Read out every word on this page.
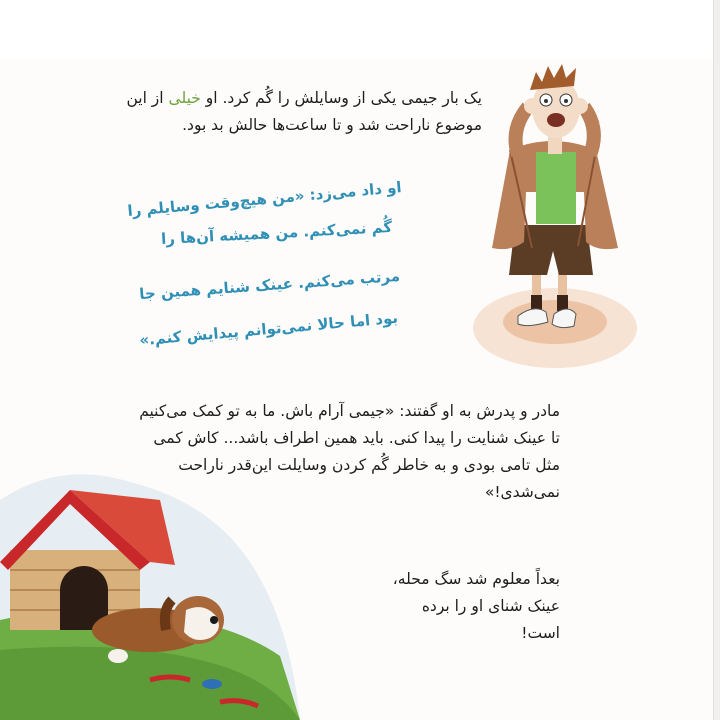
یک بار جیمی یکی از وسایلش را گُم کرد. او خیلی از این موضوع ناراحت شد و تا ساعت‌ها حالش بد بود.
او داد می‌زد: «من هیچ‌وقت وسایلم را
گُم نمی‌کنم. من همیشه آن‌ها را
مرتب می‌کنم. عینک شنایم همین جا
بود اما حالا نمی‌توانم پیدایش کنم.»
مادر و پدرش به او گفتند: «جیمی آرام باش. ما به تو کمک می‌کنیم تا عینک شنایت را پیدا کنی. باید همین اطراف باشد... کاش کمی مثل تامی بودی و به خاطر گُم کردن وسایلت این‌قدر ناراحت نمی‌شدی!»
بعداً معلوم شد سگ محله، عینک شنای او را برده است!
